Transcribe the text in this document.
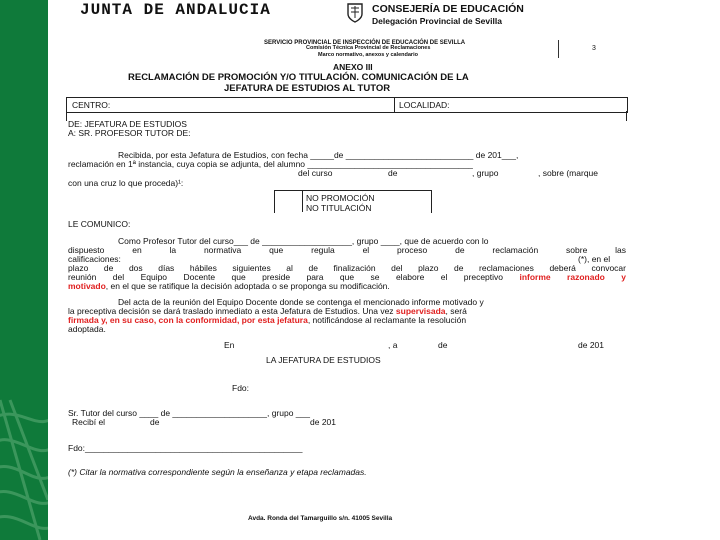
JUNTA DE ANDALUCIA	CONSEJERÍA DE EDUCACIÓN
Delegación Provincial de Sevilla
SERVICIO PROVINCIAL DE INSPECCIÓN DE EDUCACIÓN DE SEVILLA
Comisión Técnica Provincial de Reclamaciones
Marco normativo, anexos y calendario
3
ANEXO III
RECLAMACIÓN DE PROMOCIÓN Y/O TITULACIÓN. COMUNICACIÓN DE LA
JEFATURA DE ESTUDIOS AL TUTOR
CENTRO:	LOCALIDAD:
DE: JEFATURA DE ESTUDIOS
A: SR. PROFESOR TUTOR DE:
Recibida, por esta Jefatura de Estudios, con fecha _____de ___________________________ de 201___,
reclamación en 1ª instancia, cuya copia se adjunta, del alumno ___________________________________
del curso	de	, grupo	, sobre (marque
con una cruz lo que proceda)¹:
NO PROMOCIÓN
NO TITULACIÓN
LE COMUNICO:
Como Profesor Tutor del curso___ de ___________________, grupo ____, que de acuerdo con lo
dispuesto en la normativa que regula el proceso de reclamación sobre las
calificaciones:	(*), en el
plazo de dos días hábiles siguientes al de finalización del plazo de reclamaciones deberá convocar
reunión del Equipo Docente que preside para que se elabore el preceptivo informe razonado y
motivado, en el que se ratifique la decisión adoptada o se proponga su modificación.
Del acta de la reunión del Equipo Docente donde se contenga el mencionado informe motivado y
la preceptiva decisión se dará traslado inmediato a esta Jefatura de Estudios. Una vez supervisada, será
firmada y, en su caso, con la conformidad, por esta jefatura, notificándose al reclamante la resolución
adoptada.
En	, a	de	de 201
LA JEFATURA DE ESTUDIOS
Fdo:
Sr. Tutor del curso ____ de ____________________, grupo ___
Recibí el	de	de 201
Fdo:______________________________________________
(*) Citar la normativa correspondiente según la enseñanza y etapa reclamadas.
Avda. Ronda del Tamarguillo s/n. 41005 Sevilla
